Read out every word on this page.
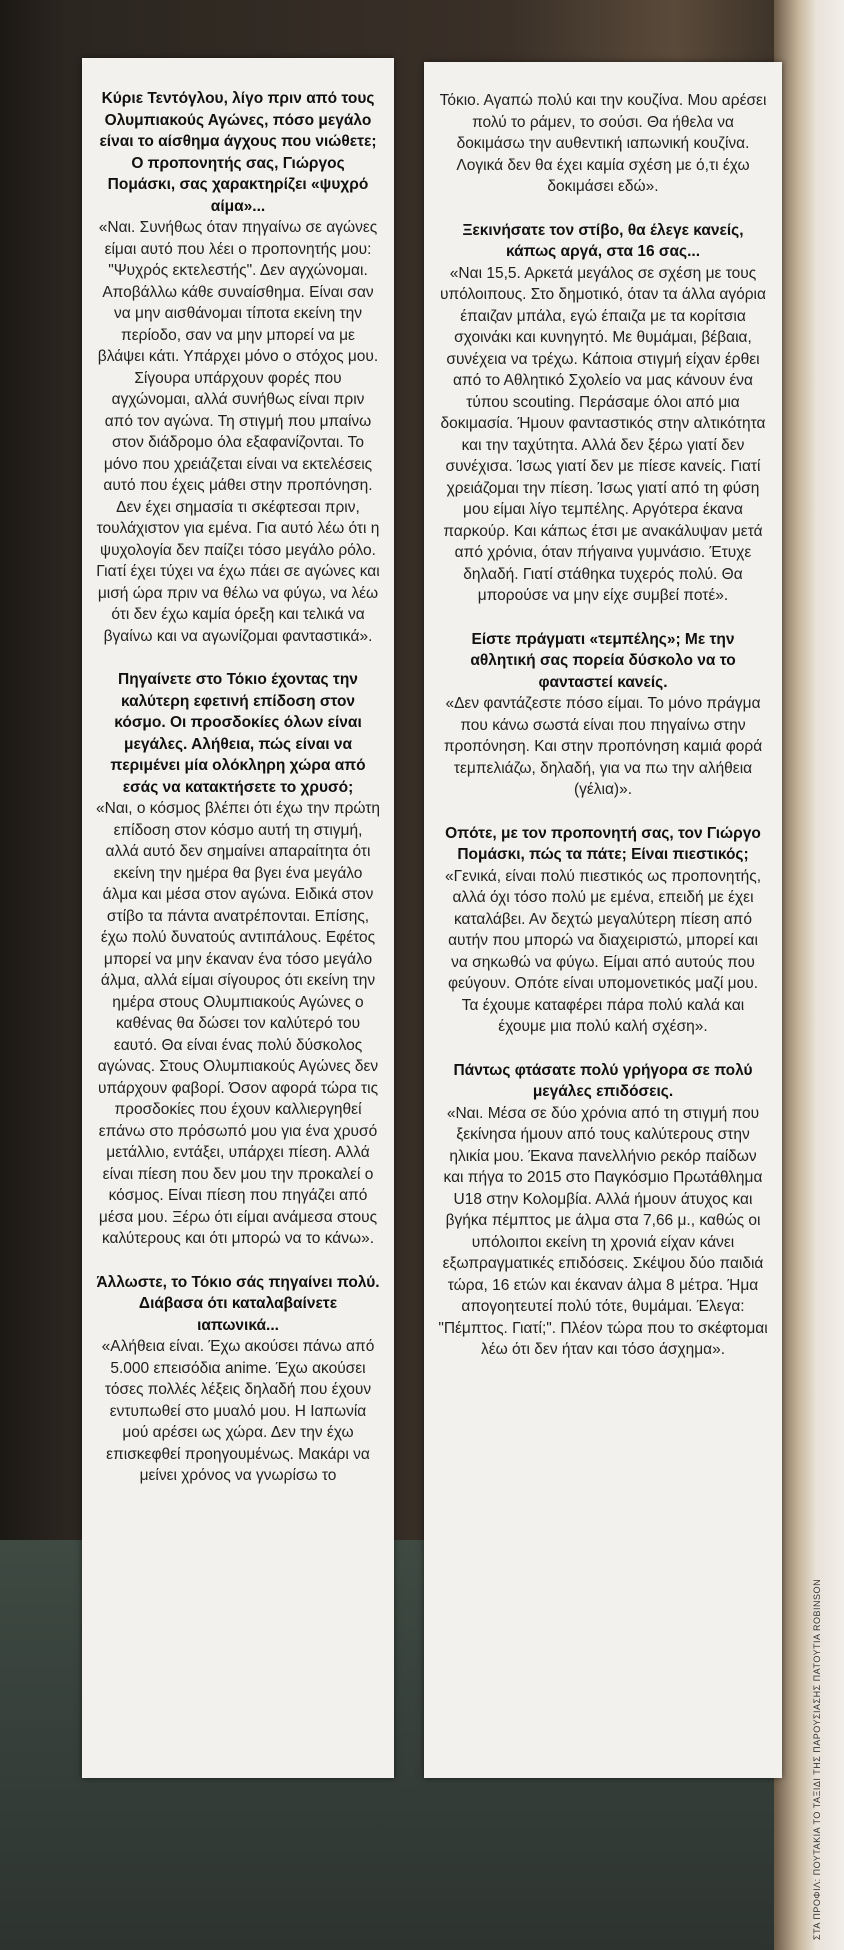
ΣΤΑ ΠΡΟΦΙΛ: ΠΟΥΤΑΚΙΑ ΤΟ ΤΑΞΙΔΙ ΤΗΣ ΠΑΡΟΥΣΙΑΣΗΣ ΠΑΤΟΥΤΙΑ ROBINSON

Κύριε Τεντόγλου, λίγο πριν από τους Ολυμπιακούς Αγώνες, πόσο μεγάλο είναι το αίσθημα άγχους που νιώθετε; Ο προπονητής σας, Γιώργος Πομάσκι, σας χαρακτηρίζει «ψυχρό αίμα»...

«Ναι. Συνήθως όταν πηγαίνω σε αγώνες είμαι αυτό που λέει ο προπονητής μου: "Ψυχρός εκτελεστής". Δεν αγχώνομαι. Αποβάλλω κάθε συναίσθημα. Είναι σαν να μην αισθάνομαι τίποτα εκείνη την περίοδο, σαν να μην μπορεί να με βλάψει κάτι. Υπάρχει μόνο ο στόχος μου. Σίγουρα υπάρχουν φορές που αγχώνομαι, αλλά συνήθως είναι πριν από τον αγώνα. Τη στιγμή που μπαίνω στον διάδρομο όλα εξαφανίζονται. Το μόνο που χρειάζεται είναι να εκτελέσεις αυτό που έχεις μάθει στην προπόνηση. Δεν έχει σημασία τι σκέφτεσαι πριν, τουλάχιστον για εμένα. Για αυτό λέω ότι η ψυχολογία δεν παίζει τόσο μεγάλο ρόλο. Γιατί έχει τύχει να έχω πάει σε αγώνες και μισή ώρα πριν να θέλω να φύγω, να λέω ότι δεν έχω καμία όρεξη και τελικά να βγαίνω και να αγωνίζομαι φανταστικά».

Πηγαίνετε στο Τόκιο έχοντας την καλύτερη εφετινή επίδοση στον κόσμο. Οι προσδοκίες όλων είναι μεγάλες. Αλήθεια, πώς είναι να περιμένει μία ολόκληρη χώρα από εσάς να κατακτήσετε το χρυσό;

«Ναι, ο κόσμος βλέπει ότι έχω την πρώτη επίδοση στον κόσμο αυτή τη στιγμή, αλλά αυτό δεν σημαίνει απαραίτητα ότι εκείνη την ημέρα θα βγει ένα μεγάλο άλμα και μέσα στον αγώνα. Ειδικά στον στίβο τα πάντα ανατρέπονται. Επίσης, έχω πολύ δυνατούς αντιπάλους. Εφέτος μπορεί να μην έκαναν ένα τόσο μεγάλο άλμα, αλλά είμαι σίγουρος ότι εκείνη την ημέρα στους Ολυμπιακούς Αγώνες ο καθένας θα δώσει τον καλύτερό του εαυτό. Θα είναι ένας πολύ δύσκολος αγώνας. Στους Ολυμπιακούς Αγώνες δεν υπάρχουν φαβορί. Όσον αφορά τώρα τις προσδοκίες που έχουν καλλιεργηθεί επάνω στο πρόσωπό μου για ένα χρυσό μετάλλιο, εντάξει, υπάρχει πίεση. Αλλά είναι πίεση που δεν μου την προκαλεί ο κόσμος. Είναι πίεση που πηγάζει από μέσα μου. Ξέρω ότι είμαι ανάμεσα στους καλύτερους και ότι μπορώ να το κάνω».

Άλλωστε, το Τόκιο σάς πηγαίνει πολύ. Διάβασα ότι καταλαβαίνετε ιαπωνικά...

«Αλήθεια είναι. Έχω ακούσει πάνω από 5.000 επεισόδια anime. Έχω ακούσει τόσες πολλές λέξεις δηλαδή που έχουν εντυπωθεί στο μυαλό μου. Η Ιαπωνία μού αρέσει ως χώρα. Δεν την έχω επισκεφθεί προηγουμένως. Μακάρι να μείνει χρόνος να γνωρίσω το

Τόκιο. Αγαπώ πολύ και την κουζίνα. Μου αρέσει πολύ το ράμεν, το σούσι. Θα ήθελα να δοκιμάσω την αυθεντική ιαπωνική κουζίνα. Λογικά δεν θα έχει καμία σχέση με ό,τι έχω δοκιμάσει εδώ».

Ξεκινήσατε τον στίβο, θα έλεγε κανείς, κάπως αργά, στα 16 σας...

«Ναι 15,5. Αρκετά μεγάλος σε σχέση με τους υπόλοιπους. Στο δημοτικό, όταν τα άλλα αγόρια έπαιζαν μπάλα, εγώ έπαιζα με τα κορίτσια σχοινάκι και κυνηγητό. Με θυμάμαι, βέβαια, συνέχεια να τρέχω. Κάποια στιγμή είχαν έρθει από το Αθλητικό Σχολείο να μας κάνουν ένα τύπου scouting. Περάσαμε όλοι από μια δοκιμασία. Ήμουν φανταστικός στην αλτικότητα και την ταχύτητα. Αλλά δεν ξέρω γιατί δεν συνέχισα. Ίσως γιατί δεν με πίεσε κανείς. Γιατί χρειάζομαι την πίεση. Ίσως γιατί από τη φύση μου είμαι λίγο τεμπέλης. Αργότερα έκανα παρκούρ. Και κάπως έτσι με ανακάλυψαν μετά από χρόνια, όταν πήγαινα γυμνάσιο. Έτυχε δηλαδή. Γιατί στάθηκα τυχερός πολύ. Θα μπορούσε να μην είχε συμβεί ποτέ».

Είστε πράγματι «τεμπέλης»; Με την αθλητική σας πορεία δύσκολο να το φανταστεί κανείς.

«Δεν φαντάζεστε πόσο είμαι. Το μόνο πράγμα που κάνω σωστά είναι που πηγαίνω στην προπόνηση. Και στην προπόνηση καμιά φορά τεμπελιάζω, δηλαδή, για να πω την αλήθεια (γέλια)».

Οπότε, με τον προπονητή σας, τον Γιώργο Πομάσκι, πώς τα πάτε; Είναι πιεστικός;

«Γενικά, είναι πολύ πιεστικός ως προπονητής, αλλά όχι τόσο πολύ με εμένα, επειδή με έχει καταλάβει. Αν δεχτώ μεγαλύτερη πίεση από αυτήν που μπορώ να διαχειριστώ, μπορεί και να σηκωθώ να φύγω. Είμαι από αυτούς που φεύγουν. Οπότε είναι υπομονετικός μαζί μου. Τα έχουμε καταφέρει πάρα πολύ καλά και έχουμε μια πολύ καλή σχέση».

Πάντως φτάσατε πολύ γρήγορα σε πολύ μεγάλες επιδόσεις.

«Ναι. Μέσα σε δύο χρόνια από τη στιγμή που ξεκίνησα ήμουν από τους καλύτερους στην ηλικία μου. Έκανα πανελλήνιο ρεκόρ παίδων και πήγα το 2015 στο Παγκόσμιο Πρωτάθλημα U18 στην Κολομβία. Αλλά ήμουν άτυχος και βγήκα πέμπτος με άλμα στα 7,66 μ., καθώς οι υπόλοιποι εκείνη τη χρονιά είχαν κάνει εξωπραγματικές επιδόσεις. Σκέψου δύο παιδιά τώρα, 16 ετών και έκαναν άλμα 8 μέτρα. Ήμα απογοητευτεί πολύ τότε, θυμάμαι. Έλεγα: "Πέμπτος. Γιατί;". Πλέον τώρα που το σκέφτομαι λέω ότι δεν ήταν και τόσο άσχημα».
